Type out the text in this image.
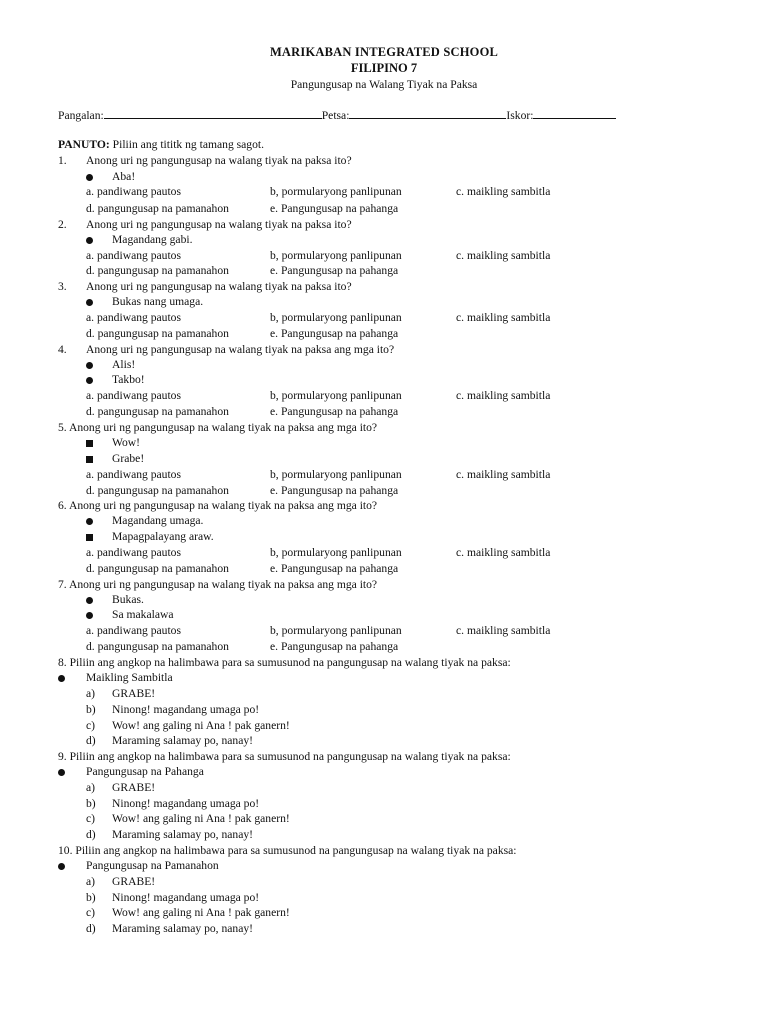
MARIKABAN INTEGRATED SCHOOL
FILIPINO 7
Pangungusap na Walang Tiyak na Paksa
Pangalan:	Petsa:	Iskor:
PANUTO: Piliin ang tititk ng tamang sagot.
1. Anong uri ng pangungusap na walang tiyak na paksa ito?
Aba!
a. pandiwang pautos	b, pormularyong panlipunan	c. maikling sambitla
d. pangungusap na pamanahon	e. Pangungusap na pahanga
2. Anong uri ng pangungusap na walang tiyak na paksa ito?
Magandang gabi.
a. pandiwang pautos	b, pormularyong panlipunan	c. maikling sambitla
d. pangungusap na pamanahon	e. Pangungusap na pahanga
3. Anong uri ng pangungusap na walang tiyak na paksa ito?
Bukas nang umaga.
a. pandiwang pautos	b, pormularyong panlipunan	c. maikling sambitla
d. pangungusap na pamanahon	e. Pangungusap na pahanga
4. Anong uri ng pangungusap na walang tiyak na paksa ang mga ito?
Alis!
Takbo!
a. pandiwang pautos	b, pormularyong panlipunan	c. maikling sambitla
d. pangungusap na pamanahon	e. Pangungusap na pahanga
5. Anong uri ng pangungusap na walang tiyak na paksa ang mga ito?
Wow!
Grabe!
a. pandiwang pautos	b, pormularyong panlipunan	c. maikling sambitla
d. pangungusap na pamanahon	e. Pangungusap na pahanga
6. Anong uri ng pangungusap na walang tiyak na paksa ang mga ito?
Magandang umaga.
Mapagpalayang araw.
a. pandiwang pautos	b, pormularyong panlipunan	c. maikling sambitla
d. pangungusap na pamanahon	e. Pangungusap na pahanga
7. Anong uri ng pangungusap na walang tiyak na paksa ang mga ito?
Bukas.
Sa makalawa
a. pandiwang pautos	b, pormularyong panlipunan	c. maikling sambitla
d. pangungusap na pamanahon	e. Pangungusap na pahanga
8. Piliin ang angkop na halimbawa para sa sumusunod na pangungusap na walang tiyak na paksa:
Maikling Sambitla
a) GRABE!
b) Ninong! magandang umaga po!
c) Wow! ang galing ni Ana ! pak ganern!
d) Maraming salamay po, nanay!
9. Piliin ang angkop na halimbawa para sa sumusunod na pangungusap na walang tiyak na paksa:
Pangungusap na Pahanga
a) GRABE!
b) Ninong! magandang umaga po!
c) Wow! ang galing ni Ana ! pak ganern!
d) Maraming salamay po, nanay!
10. Piliin ang angkop na halimbawa para sa sumusunod na pangungusap na walang tiyak na paksa:
Pangungusap na Pamanahon
a) GRABE!
b) Ninong! magandang umaga po!
c) Wow! ang galing ni Ana ! pak ganern!
d) Maraming salamay po, nanay!
